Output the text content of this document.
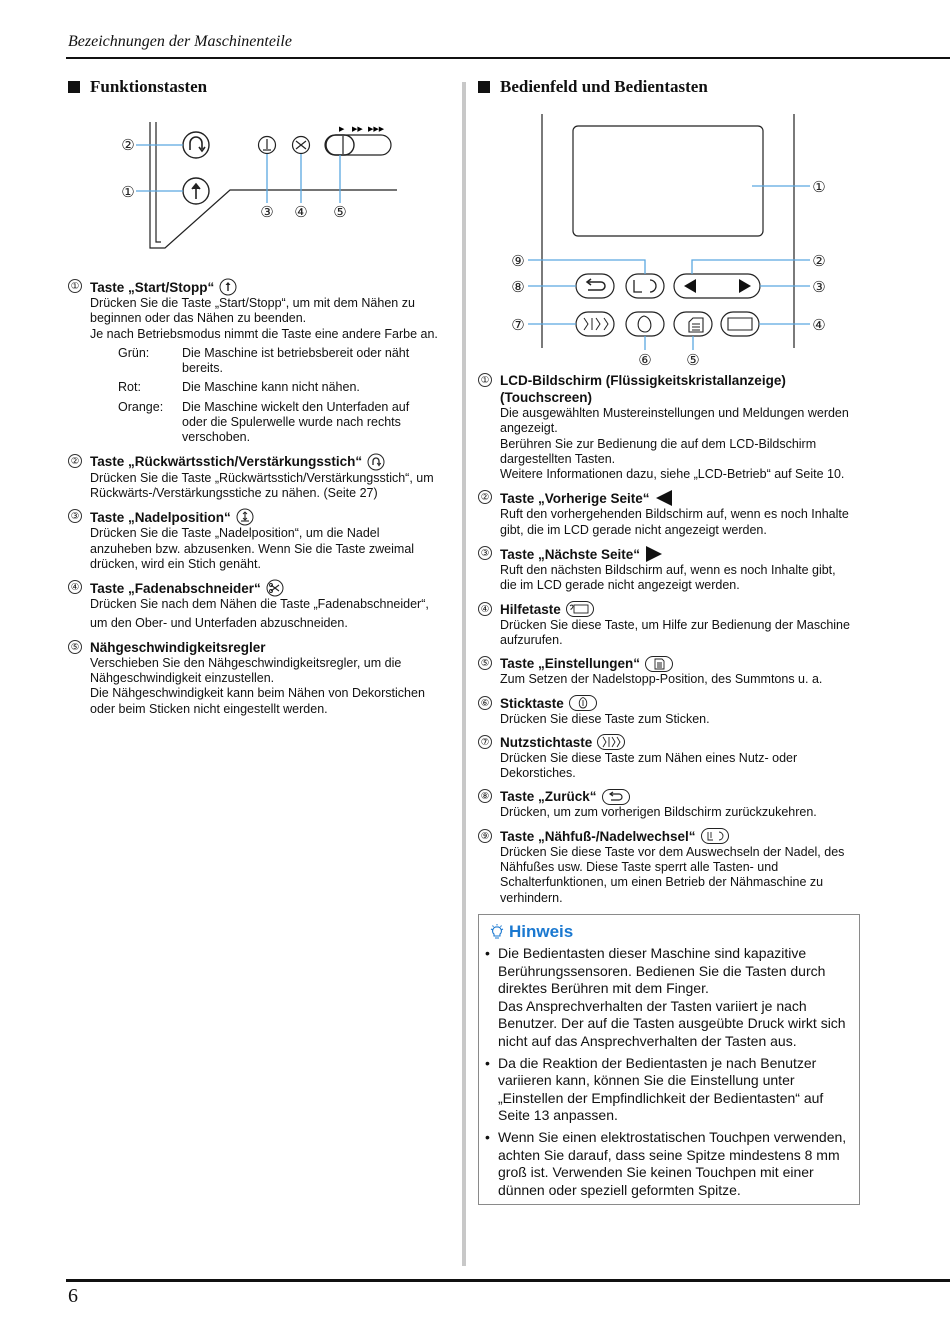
Bezeichnungen der Maschinenteile
6
Funktionstasten
▶ ▶▶ ▶▶▶
②
①
③ ④ ⑤
① Taste „Start/Stopp“
Drücken Sie die Taste „Start/Stopp“, um mit dem Nähen zu
beginnen oder das Nähen zu beenden.
Je nach Betriebsmodus nimmt die Taste eine andere Farbe an.
Grün:	Die Maschine ist betriebsbereit oder näht
bereits.
Rot:	Die Maschine kann nicht nähen.
Orange:	Die Maschine wickelt den Unterfaden auf
oder die Spulerwelle wurde nach rechts
verschoben.
② Taste „Rückwärtsstich/Verstärkungsstich“
Drücken Sie die Taste „Rückwärtsstich/Verstärkungsstich“, um
Rückwärts-/Verstärkungsstiche zu nähen. (Seite 27)
③ Taste „Nadelposition“
Drücken Sie die Taste „Nadelposition“, um die Nadel
anzuheben bzw. abzusenken. Wenn Sie die Taste zweimal
drücken, wird ein Stich genäht.
④ Taste „Fadenabschneider“
Drücken Sie nach dem Nähen die Taste „Fadenabschneider“,
um den Ober- und Unterfaden abzuschneiden.
⑤ Nähgeschwindigkeitsregler
Verschieben Sie den Nähgeschwindigkeitsregler, um die
Nähgeschwindigkeit einzustellen.
Die Nähgeschwindigkeit kann beim Nähen von Dekorstichen
oder beim Sticken nicht eingestellt werden.
Bedienfeld und Bedientasten
①
②
③
④
⑤
⑥
⑦
⑧
⑨
① LCD-Bildschirm (Flüssigkeitskristallanzeige) (Touchscreen)
Die ausgewählten Mustereinstellungen und Meldungen werden
angezeigt.
Berühren Sie zur Bedienung die auf dem LCD-Bildschirm
dargestellten Tasten.
Weitere Informationen dazu, siehe „LCD-Betrieb“ auf Seite 10.
② Taste „Vorherige Seite“
Ruft den vorhergehenden Bildschirm auf, wenn es noch Inhalte
gibt, die im LCD gerade nicht angezeigt werden.
③ Taste „Nächste Seite“
Ruft den nächsten Bildschirm auf, wenn es noch Inhalte gibt,
die im LCD gerade nicht angezeigt werden.
④ Hilfetaste
Drücken Sie diese Taste, um Hilfe zur Bedienung der Maschine
aufzurufen.
⑤ Taste „Einstellungen“
Zum Setzen der Nadelstopp-Position, des Summtons u. a.
⑥ Sticktaste
Drücken Sie diese Taste zum Sticken.
⑦ Nutzstichtaste
Drücken Sie diese Taste zum Nähen eines Nutz- oder
Dekorstiches.
⑧ Taste „Zurück“
Drücken, um zum vorherigen Bildschirm zurückzukehren.
⑨ Taste „Nähfuß-/Nadelwechsel“
Drücken Sie diese Taste vor dem Auswechseln der Nadel, des
Nähfußes usw. Diese Taste sperrt alle Tasten- und
Schalterfunktionen, um einen Betrieb der Nähmaschine zu
verhindern.
Hinweis
• Die Bedientasten dieser Maschine sind kapazitive
Berührungssensoren. Bedienen Sie die Tasten durch
direktes Berühren mit dem Finger.
Das Ansprechverhalten der Tasten variiert je nach
Benutzer. Der auf die Tasten ausgeübte Druck wirkt sich
nicht auf das Ansprechverhalten der Tasten aus.
• Da die Reaktion der Bedientasten je nach Benutzer
variieren kann, können Sie die Einstellung unter
„Einstellen der Empfindlichkeit der Bedientasten“ auf
Seite 13 anpassen.
• Wenn Sie einen elektrostatischen Touchpen verwenden,
achten Sie darauf, dass seine Spitze mindestens 8 mm
groß ist. Verwenden Sie keinen Touchpen mit einer
dünnen oder speziell geformten Spitze.
